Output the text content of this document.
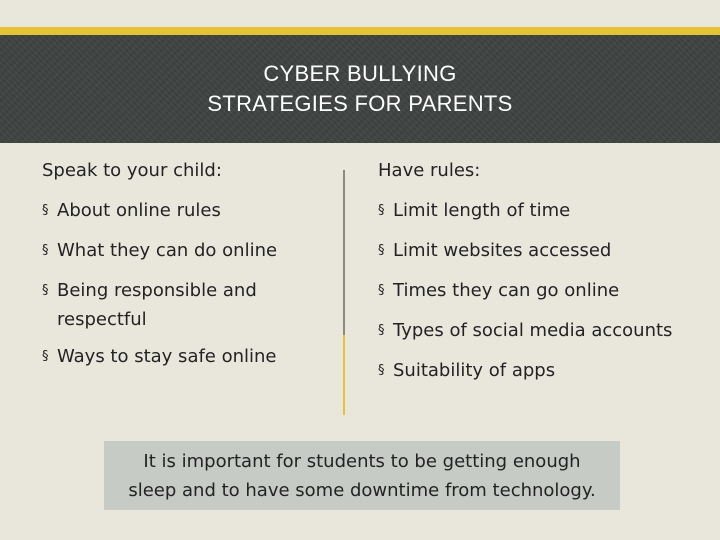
CYBER BULLYING
STRATEGIES FOR PARENTS
Speak to your child:
§ About online rules
§ What they can do online
§ Being responsible and
respectful
§ Ways to stay safe online
Have rules:
§ Limit length of time
§ Limit websites accessed
§ Times they can go online
§ Types of social media accounts
§ Suitability of apps
It is important for students to be getting enough
sleep and to have some downtime from technology.
